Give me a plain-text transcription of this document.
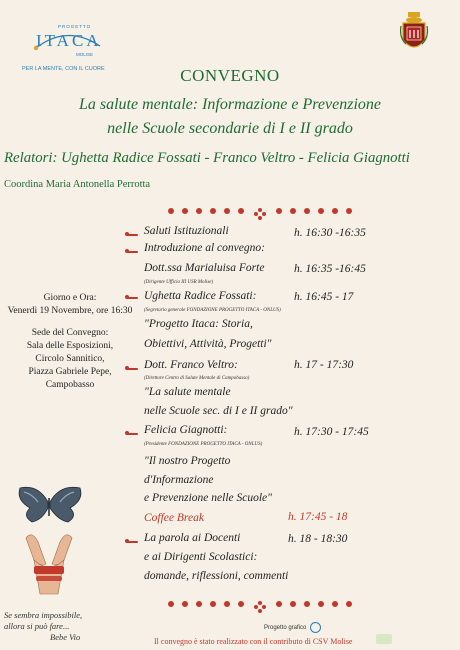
PROGETTO
ITACA
MOLISE
PER LA MENTE, CON IL CUORE	CONVEGNO
La salute mentale: Informazione e Prevenzione
nelle Scuole secondarie di I e II grado
Relatori: Ughetta Radice Fossati - Franco Veltro - Felicia Giagnotti
Coordina Maria Antonella Perrotta
Giorno e Ora:
Venerdì 19 Novembre, ore 16:30
Sede del Convegno:
Sala delle Esposizioni,
Circolo Sannitico,
Piazza Gabriele Pepe,
Campobasso
Saluti Istituzionali	h. 16:30 -16:35
Introduzione al convegno:
Dott.ssa Marialuisa Forte	h. 16:35 -16:45
(Dirigente Ufficio III USR Molise)
Ughetta Radice Fossati:	h. 16:45 - 17
(Segretario generale FONDAZIONE PROGETTO ITACA - ONLUS)
"Progetto Itaca: Storia,
Obiettivi, Attività, Progetti"
Dott. Franco Veltro:	h. 17 - 17:30
(Direttore Centro di Salute Mentale di Campobasso)
"La salute mentale
nelle Scuole sec. di I e II grado"
Felicia Giagnotti:	h. 17:30 - 17:45
(Presidente FONDAZIONE PROGETTO ITACA - ONLUS)
"Il nostro Progetto
d'Informazione
e Prevenzione nelle Scuole"
Coffee Break	h. 17:45 - 18
La parola ai Docenti	h. 18 - 18:30
e ai Dirigenti Scolastici:
domande, riflessioni, commenti
Se sembra impossibile,
allora si può fare...
Bebe Vio
Progetto grafico
Il convegno è stato realizzato con il contributo di CSV Molise
